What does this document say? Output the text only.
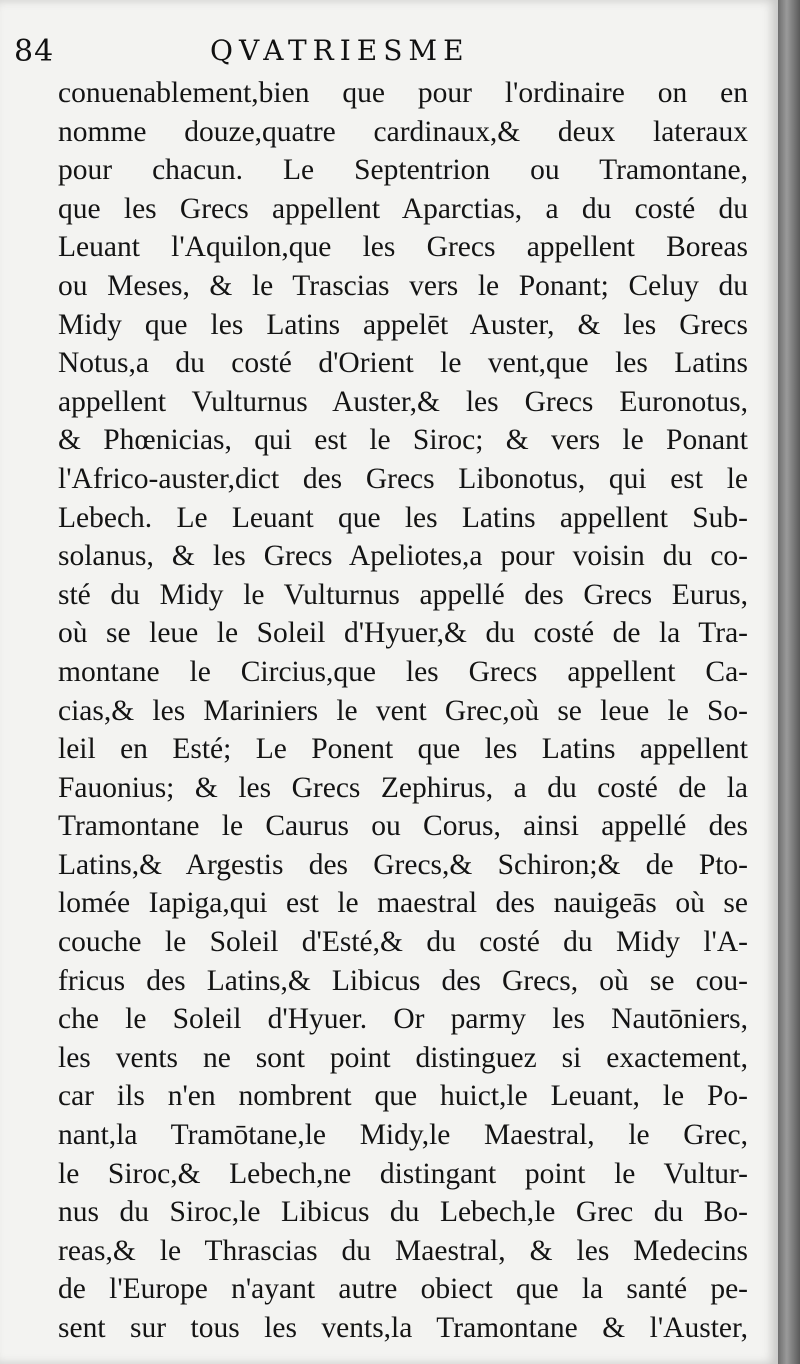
84	QVATRIESME
conuenablement,bien que pour l'ordinaire on en
nomme douze,quatre cardinaux,& deux lateraux
pour chacun. Le Septentrion ou Tramontane,
que les Grecs appellent Aparctias, a du costé du
Leuant l'Aquilon,que les Grecs appellent Boreas
ou Meses, & le Trascias vers le Ponant; Celuy du
Midy que les Latins appelēt Auster, & les Grecs
Notus,a du costé d'Orient le vent,que les Latins
appellent Vulturnus Auster,& les Grecs Euronotus,
& Phœnicias, qui est le Siroc; & vers le Ponant
l'Africo-auster,dict des Grecs Libonotus, qui est le
Lebech. Le Leuant que les Latins appellent Sub-
solanus, & les Grecs Apeliotes,a pour voisin du co-
sté du Midy le Vulturnus appellé des Grecs Eurus,
où se leue le Soleil d'Hyuer,& du costé de la Tra-
montane le Circius,que les Grecs appellent Ca-
cias,& les Mariniers le vent Grec,où se leue le So-
leil en Esté; Le Ponent que les Latins appellent
Fauonius; & les Grecs Zephirus, a du costé de la
Tramontane le Caurus ou Corus, ainsi appellé des
Latins,& Argestis des Grecs,& Schiron;& de Pto-
lomée Iapiga,qui est le maestral des nauigeās où se
couche le Soleil d'Esté,& du costé du Midy l'A-
fricus des Latins,& Libicus des Grecs, où se cou-
che le Soleil d'Hyuer. Or parmy les Nautōniers,
les vents ne sont point distinguez si exactement,
car ils n'en nombrent que huict,le Leuant, le Po-
nant,la Tramōtane,le Midy,le Maestral, le Grec,
le Siroc,& Lebech,ne distingant point le Vultur-
nus du Siroc,le Libicus du Lebech,le Grec du Bo-
reas,& le Thrascias du Maestral, & les Medecins
de l'Europe n'ayant autre obiect que la santé pe-
sent sur tous les vents,la Tramontane & l'Auster,
